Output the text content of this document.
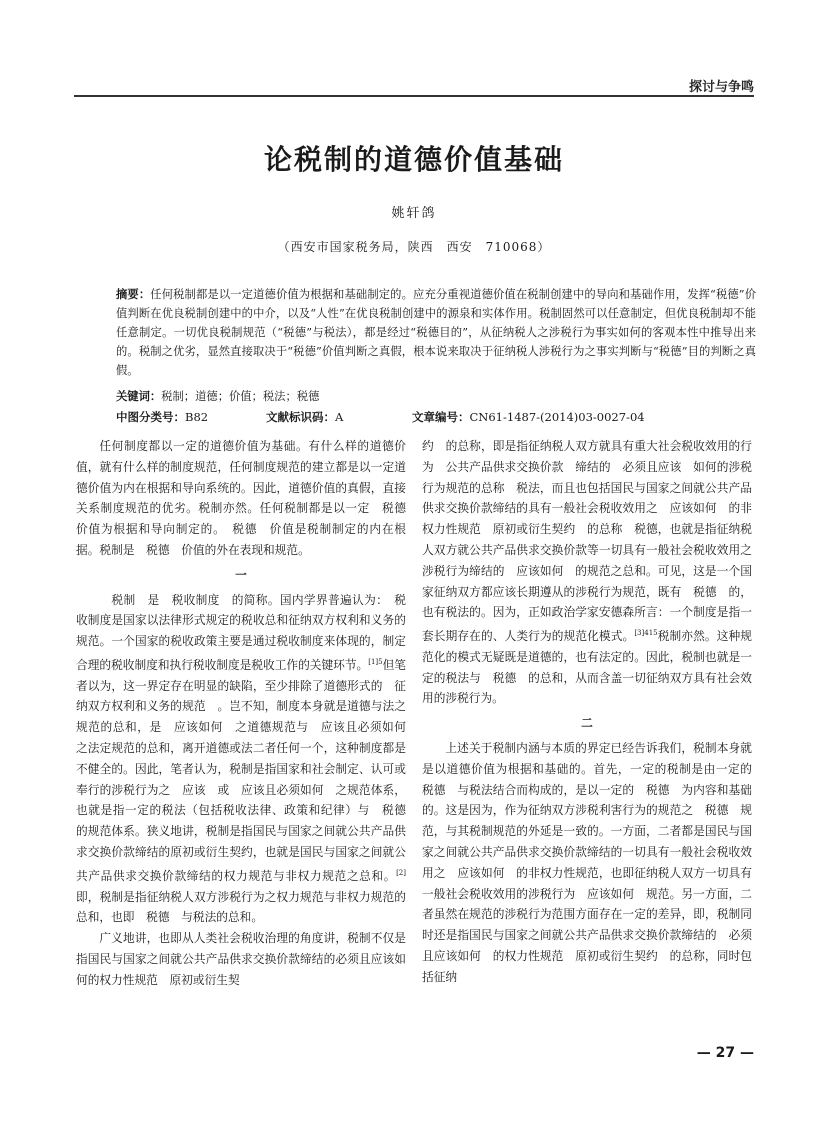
探讨与争鸣
论税制的道德价值基础
姚轩鸽
（西安市国家税务局，陕西　西安　710068）
摘要：任何税制都是以一定道德价值为根据和基础制定的。应充分重视道德价值在税制创建中的导向和基础作用，发挥“税德”价值判断在优良税制创建中的中介，以及“人性”在优良税制创建中的源泉和实体作用。税制固然可以任意制定，但优良税制却不能任意制定。一切优良税制规范（“税德”与税法），都是经过“税德目的”，从征纳税人之涉税行为事实如何的客观本性中推导出来的。税制之优劣，显然直接取决于“税德”价值判断之真假，根本说来取决于征纳税人涉税行为之事实判断与“税德”目的判断之真假。
关键词：税制；道德；价值；税法；税德
中图分类号：B82	文献标识码：A	文章编号：CN61-1487-(2014)03-0027-04

任何制度都以一定的道德价值为基础。有什么样的道德价值，就有什么样的制度规范，任何制度规范的建立都是以一定道德价值为内在根据和导向系统的。因此，道德价值的真假，直接关系制度规范的优劣。税制亦然。任何税制都是以一定　税德　价值为根据和导向制定的。　税德　价值是税制制定的内在根据。税制是　税德　价值的外在表现和规范。

一

　税制　是　税收制度　的简称。国内学界普遍认为：　税收制度是国家以法律形式规定的税收总和征纳双方权利和义务的规范。一个国家的税收政策主要是通过税收制度来体现的，制定合理的税收制度和执行税收制度是税收工作的关键环节。$^{[1]5}$但笔者以为，这一界定存在明显的缺陷，至少排除了道德形式的　征纳双方权利和义务的规范　。岂不知，制度本身就是道德与法之规范的总和，是　应该如何　之道德规范与　应该且必须如何　之法定规范的总和，离开道德或法二者任何一个，这种制度都是不健全的。因此，笔者认为，税制是指国家和社会制定、认可或奉行的涉税行为之　应该　或　应该且必须如何　之规范体系，也就是指一定的税法（包括税收法律、政策和纪律）与　税德　的规范体系。狭义地讲，税制是指国民与国家之间就公共产品供求交换价款缔结的原初或衍生契约，也就是国民与国家之间就公共产品供求交换价款缔结的权力规范与非权力规范之总和。[2]即，税制是指征纳税人双方涉税行为之权力规范与非权力规范的总和，也即　税德　与税法的总和。

广义地讲，也即从人类社会税收治理的角度讲，税制不仅是指国民与国家之间就公共产品供求交换价款缔结的必须且应该如何的权力性规范　原初或衍生契

约　的总称，即是指征纳税人双方就具有重大社会税收效用的行为　公共产品供求交换价款　缔结的　必须且应该　如何的涉税行为规范的总称　税法，而且也包括国民与国家之间就公共产品供求交换价款缔结的具有一般社会税收效用之　应该如何　的非权力性规范　原初或衍生契约　的总称　税德，也就是指征纳税人双方就公共产品供求交换价款等一切具有一般社会税收效用之涉税行为缔结的　应该如何　的规范之总和。可见，这是一个国家征纳双方都应该长期遵从的涉税行为规范，既有　税德　的，也有税法的。因为，正如政治学家安德森所言：一个制度是指一套长期存在的、人类行为的规范化模式。$^{[3]415}$税制亦然。这种规范化的模式无疑既是道德的，也有法定的。因此，税制也就是一定的税法与　税德　的总和，从而含盖一切征纳双方具有社会效用的涉税行为。

二

上述关于税制内涵与本质的界定已经告诉我们，税制本身就是以道德价值为根据和基础的。首先，一定的税制是由一定的　税德　与税法结合而构成的，是以一定的　税德　为内容和基础的。这是因为，作为征纳双方涉税利害行为的规范之　税德　规范，与其税制规范的外延是一致的。一方面，二者都是国民与国家之间就公共产品供求交换价款缔结的一切具有一般社会税收效用之　应该如何　的非权力性规范，也即征纳税人双方一切具有一般社会税收效用的涉税行为　应该如何　规范。另一方面，二者虽然在规范的涉税行为范围方面存在一定的差异，即，税制同时还是指国民与国家之间就公共产品供求交换价款缔结的　必须且应该如何　的权力性规范　原初或衍生契约　的总称，同时包括征纳

— 27 —
